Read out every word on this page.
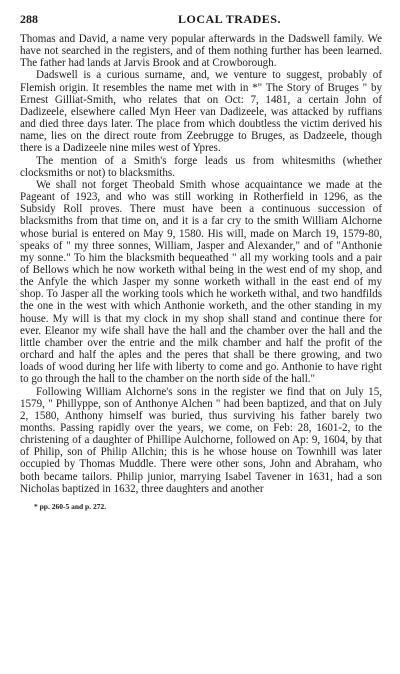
288	LOCAL TRADES.

Thomas and David, a name very popular afterwards in the Dadswell family. We have not searched in the registers, and of them nothing further has been learned. The father had lands at Jarvis Brook and at Crowborough.

Dadswell is a curious surname, and, we venture to suggest, probably of Flemish origin. It resembles the name met with in *" The Story of Bruges " by Ernest Gilliat-Smith, who relates that on Oct: 7, 1481, a certain John of Dadizeele, elsewhere called Myn Heer van Dadizeele, was attacked by ruffians and died three days later. The place from which doubtless the victim derived his name, lies on the direct route from Zeebrugge to Bruges, as Dadzeele, though there is a Dadizeele nine miles west of Ypres.

The mention of a Smith's forge leads us from whitesmiths (whether clocksmiths or not) to blacksmiths.

We shall not forget Theobald Smith whose acquaintance we made at the Pageant of 1923, and who was still working in Rotherfield in 1296, as the Subsidy Roll proves. There must have been a continuous succession of blacksmiths from that time on, and it is a far cry to the smith William Alchorne whose burial is entered on May 9, 1580. His will, made on March 19, 1579-80, speaks of " my three sonnes, William, Jasper and Alexander," and of "Anthonie my sonne." To him the blacksmith bequeathed " all my working tools and a pair of Bellows which he now worketh withal being in the west end of my shop, and the Anfyle the which Jasper my sonne worketh withall in the east end of my shop. To Jasper all the working tools which he worketh withal, and two handfilds the one in the west with which Anthonie worketh, and the other standing in my house. My will is that my clock in my shop shall stand and continue there for ever. Eleanor my wife shall have the hall and the chamber over the hall and the little chamber over the entrie and the milk chamber and half the profit of the orchard and half the aples and the peres that shall be there growing, and two loads of wood during her life with liberty to come and go. Anthonie to have right to go through the hall to the chamber on the north side of the hall."

Following William Alchorne's sons in the register we find that on July 15, 1579, " Phillyppe, son of Anthonye Alchen " had been baptized, and that on July 2, 1580, Anthony himself was buried, thus surviving his father barely two months. Passing rapidly over the years, we come, on Feb: 28, 1601-2, to the christening of a daughter of Phillipe Aulchorne, followed on Ap: 9, 1604, by that of Philip, son of Philip Allchin; this is he whose house on Townhill was later occupied by Thomas Muddle. There were other sons, John and Abraham, who both became tailors. Philip junior, marrying Isabel Tavener in 1631, had a son Nicholas baptized in 1632, three daughters and another

* pp. 260-5 and p. 272.
